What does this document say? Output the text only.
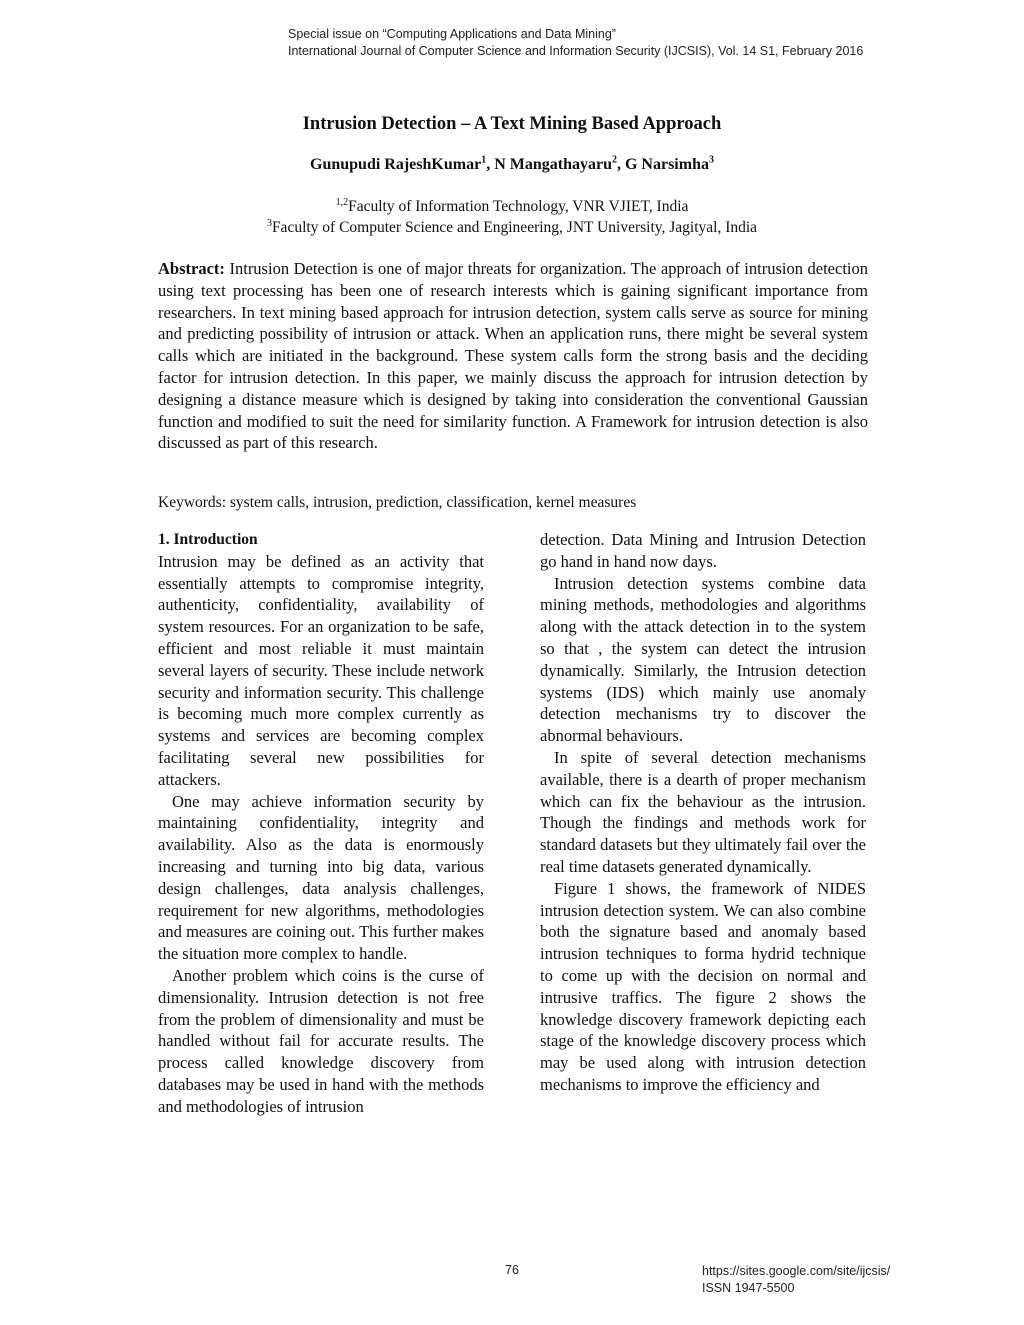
Special issue on “Computing Applications and Data Mining”
International Journal of Computer Science and Information Security (IJCSIS), Vol. 14 S1, February 2016
Intrusion Detection – A Text Mining Based Approach
Gunupudi RajeshKumar$^1$, N Mangathayaru$^2$, G Narsimha$^3$
$^{1,2}$Faculty of Information Technology, VNR VJIET, India
$^3$Faculty of Computer Science and Engineering, JNT University, Jagityal, India
Abstract: Intrusion Detection is one of major threats for organization. The approach of intrusion detection using text processing has been one of research interests which is gaining significant importance from researchers. In text mining based approach for intrusion detection, system calls serve as source for mining and predicting possibility of intrusion or attack. When an application runs, there might be several system calls which are initiated in the background. These system calls form the strong basis and the deciding factor for intrusion detection. In this paper, we mainly discuss the approach for intrusion detection by designing a distance measure which is designed by taking into consideration the conventional Gaussian function and modified to suit the need for similarity function. A Framework for intrusion detection is also discussed as part of this research.
Keywords: system calls, intrusion, prediction, classification, kernel measures
1. Introduction

Intrusion may be defined as an activity that essentially attempts to compromise integrity, authenticity, confidentiality, availability of system resources. For an organization to be safe, efficient and most reliable it must maintain several layers of security. These include network security and information security. This challenge is becoming much more complex currently as systems and services are becoming complex facilitating several new possibilities for attackers.

One may achieve information security by maintaining confidentiality, integrity and availability. Also as the data is enormously increasing and turning into big data, various design challenges, data analysis challenges, requirement for new algorithms, methodologies and measures are coining out. This further makes the situation more complex to handle.

Another problem which coins is the curse of dimensionality. Intrusion detection is not free from the problem of dimensionality and must be handled without fail for accurate results. The process called knowledge discovery from databases may be used in hand with the methods and methodologies of intrusion

detection. Data Mining and Intrusion Detection go hand in hand now days.

Intrusion detection systems combine data mining methods, methodologies and algorithms along with the attack detection in to the system so that , the system can detect the intrusion dynamically. Similarly, the Intrusion detection systems (IDS) which mainly use anomaly detection mechanisms try to discover the abnormal behaviours.

In spite of several detection mechanisms available, there is a dearth of proper mechanism which can fix the behaviour as the intrusion. Though the findings and methods work for standard datasets but they ultimately fail over the real time datasets generated dynamically.

Figure 1 shows, the framework of NIDES intrusion detection system. We can also combine both the signature based and anomaly based intrusion techniques to forma hydrid technique to come up with the decision on normal and intrusive traffics. The figure 2 shows the knowledge discovery framework depicting each stage of the knowledge discovery process which may be used along with intrusion detection mechanisms to improve the efficiency and

76	https://sites.google.com/site/ijcsis/
ISSN 1947-5500
